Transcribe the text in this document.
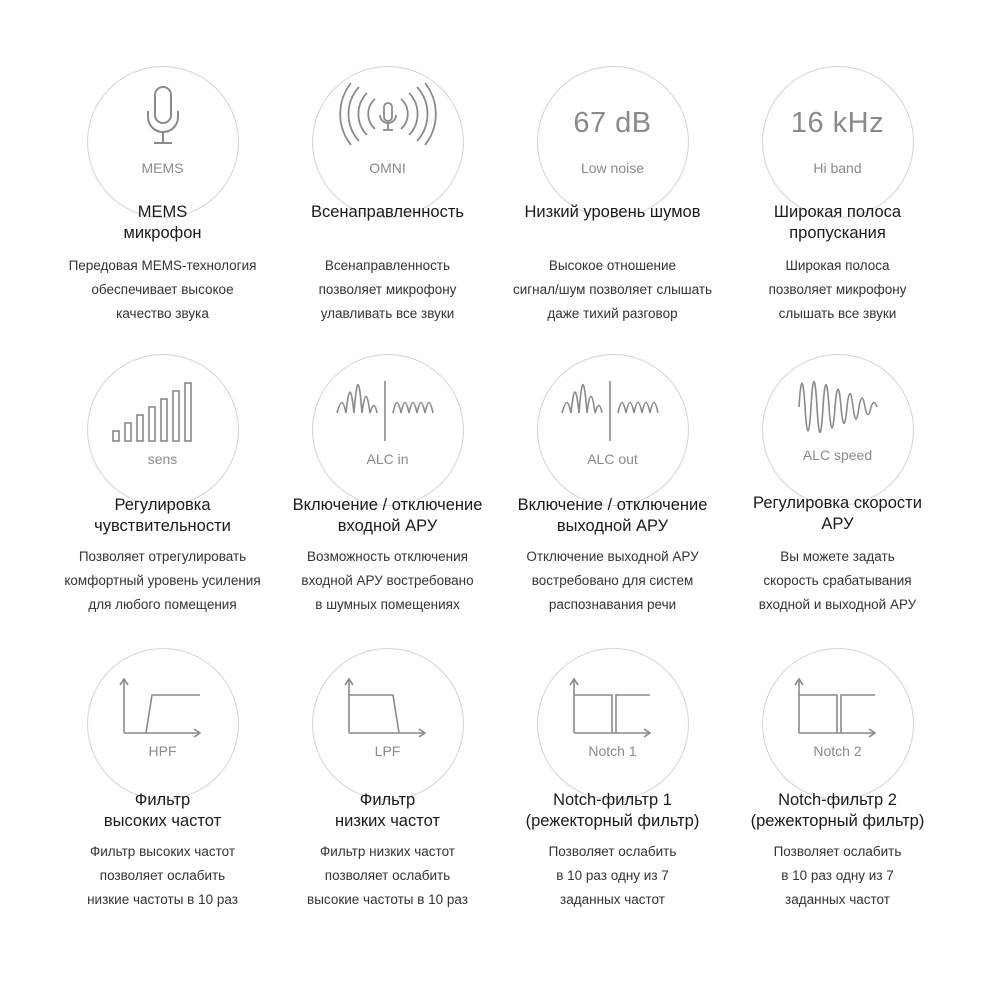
MEMS
MEMS
микрофон
Передовая MEMS-технология
обеспечивает высокое
качество звука
OMNI
Всенаправленность
Всенаправленность
позволяет микрофону
улавливать все звуки
67 dB
Low noise
Низкий уровень шумов
Высокое отношение
сигнал/шум позволяет слышать
даже тихий разговор
16 kHz
Hi band
Широкая полоса
пропускания
Широкая полоса
позволяет микрофону
слышать все звуки
sens
Регулировка
чувствительности
Позволяет отрегулировать
комфортный уровень усиления
для любого помещения
ALC in
Включение / отключение
входной АРУ
Возможность отключения
входной АРУ востребовано
в шумных помещениях
ALC out
Включение / отключение
выходной АРУ
Отключение выходной АРУ
востребовано для систем
распознавания речи
ALC speed
Регулировка скорости
АРУ
Вы можете задать
скорость срабатывания
входной и выходной АРУ
HPF
Фильтр
высоких частот
Фильтр высоких частот
позволяет ослабить
низкие частоты в 10 раз
LPF
Фильтр
низких частот
Фильтр низких частот
позволяет ослабить
высокие частоты в 10 раз
Notch 1
Notch-фильтр 1
(режекторный фильтр)
Позволяет ослабить
в 10 раз одну из 7
заданных частот
Notch 2
Notch-фильтр 2
(режекторный фильтр)
Позволяет ослабить
в 10 раз одну из 7
заданных частот
